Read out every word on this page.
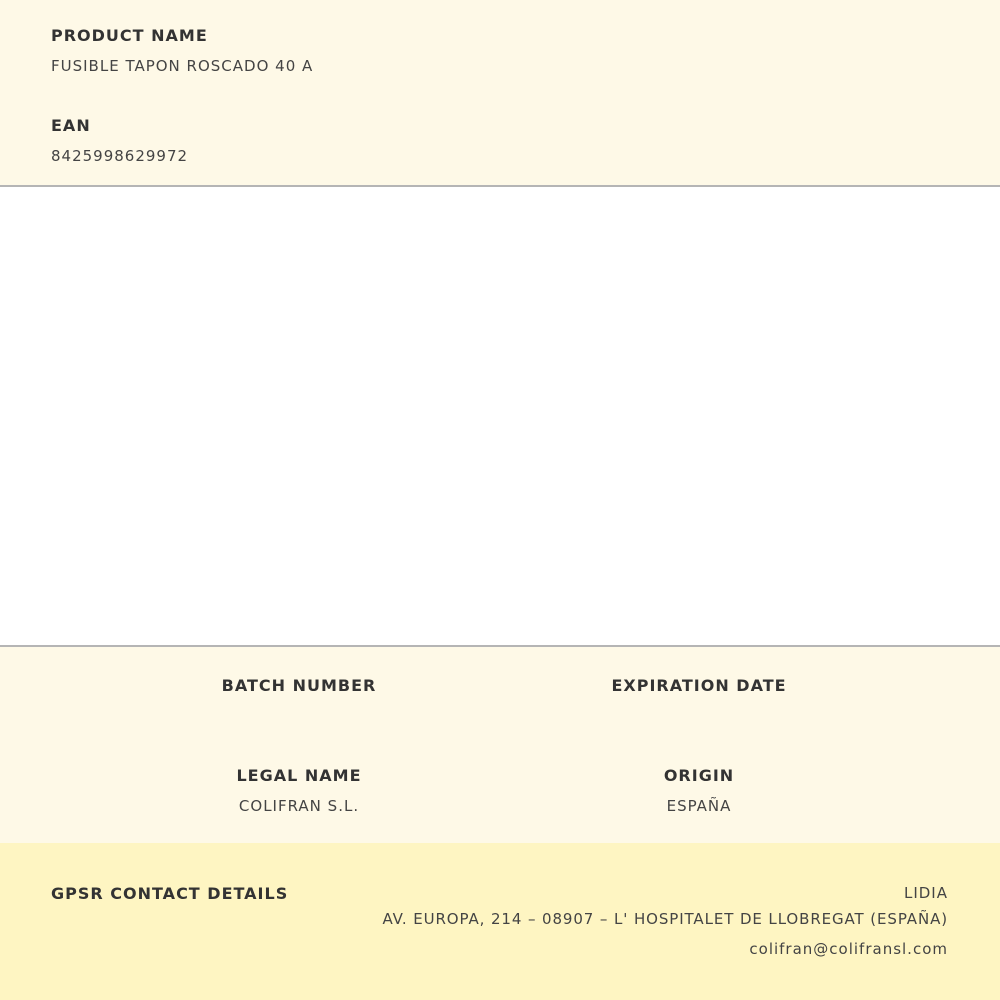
PRODUCT NAME
FUSIBLE TAPON ROSCADO 40 A
EAN
8425998629972
BATCH NUMBER	EXPIRATION DATE
LEGAL NAME
COLIFRAN S.L.
ORIGIN
ESPAÑA
GPSR CONTACT DETAILS	LIDIA
AV. EUROPA, 214 – 08907 – L' HOSPITALET DE LLOBREGAT (ESPAÑA)
colifran@colifransl.com
